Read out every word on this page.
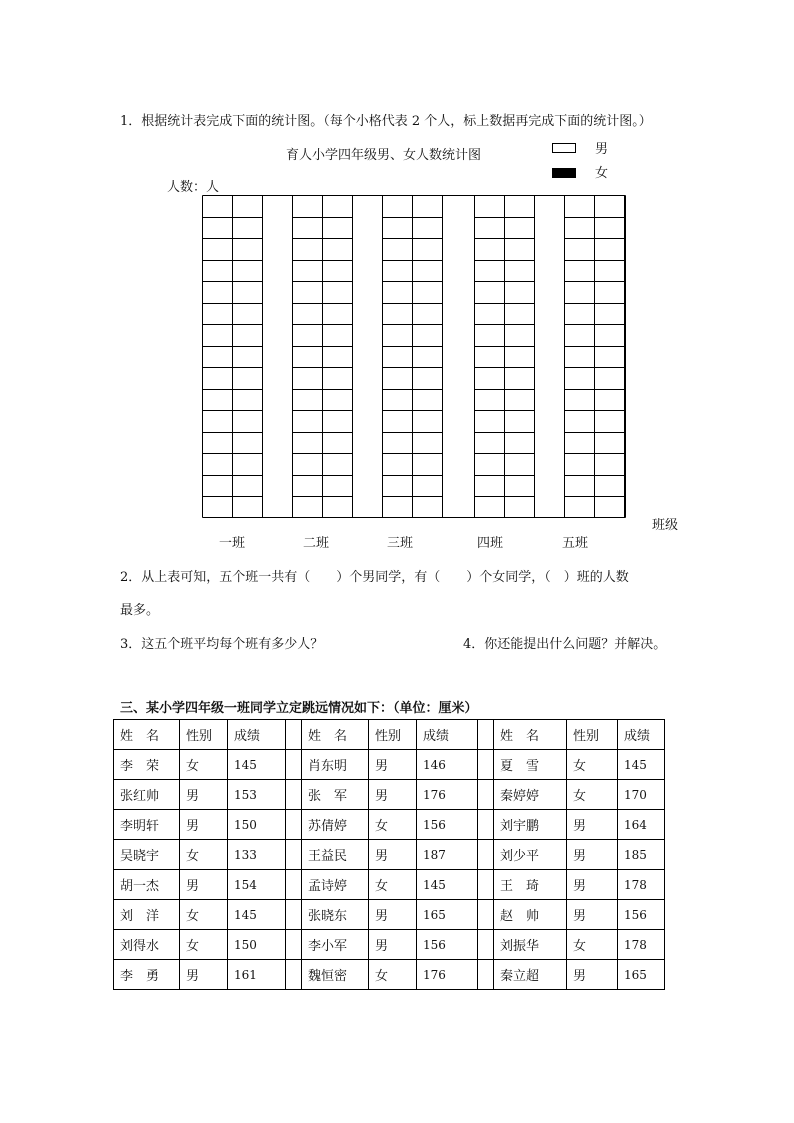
1．根据统计表完成下面的统计图。（每个小格代表 2 个人，标上数据再完成下面的统计图。）
育人小学四年级男、女人数统计图	男
女
人数：人
班级
一班	二班	三班	四班	五班
2．从上表可知，五个班一共有（　　）个男同学，有（　　）个女同学，（　）班的人数
最多。
3．这五个班平均每个班有多少人？	4．你还能提出什么问题？并解决。
三、某小学四年级一班同学立定跳远情况如下：（单位：厘米）
姓　名	性别	成绩		姓　名	性别	成绩		姓　名	性别	成绩
李　荣	女	145		肖东明	男	146		夏　雪	女	145
张红帅	男	153		张　军	男	176		秦婷婷	女	170
李明轩	男	150		苏倩婷	女	156		刘宇鹏	男	164
吴晓宇	女	133		王益民	男	187		刘少平	男	185
胡一杰	男	154		孟诗婷	女	145		王　琦	男	178
刘　洋	女	145		张晓东	男	165		赵　帅	男	156
刘得水	女	150		李小军	男	156		刘振华	女	178
李　勇	男	161		魏恒密	女	176		秦立超	男	165
